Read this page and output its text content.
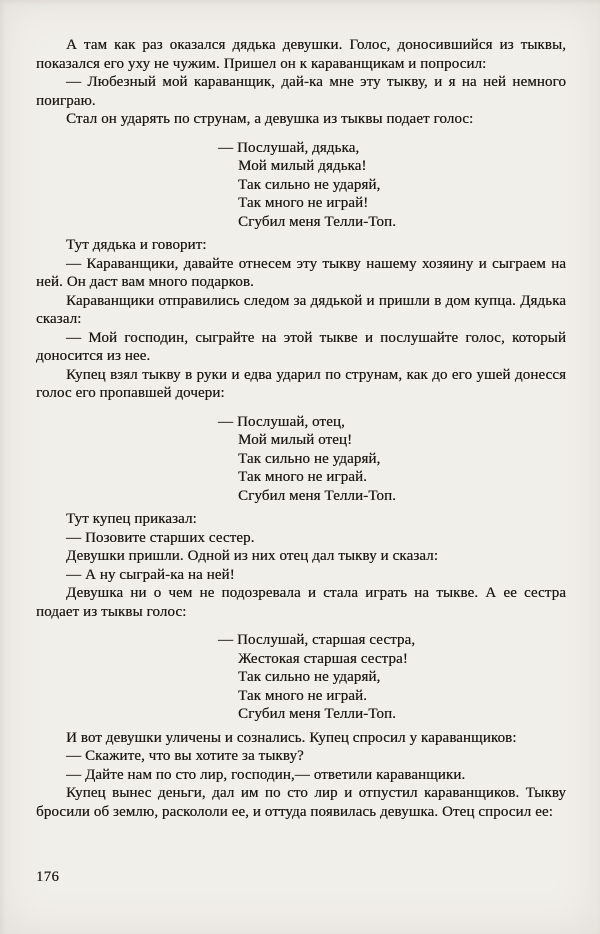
А там как раз оказался дядька девушки. Голос, доносившийся из тыквы, показался его уху не чужим. Пришел он к караванщикам и попросил:

— Любезный мой караванщик, дай-ка мне эту тыкву, и я на ней немного поиграю.

Стал он ударять по струнам, а девушка из тыквы подает голос:

— Послушай, дядька,
Мой милый дядька!
Так сильно не ударяй,
Так много не играй!
Сгубил меня Телли-Топ.

Тут дядька и говорит:

— Караванщики, давайте отнесем эту тыкву нашему хозяину и сыграем на ней. Он даст вам много подарков.

Караванщики отправились следом за дядькой и пришли в дом купца. Дядька сказал:

— Мой господин, сыграйте на этой тыкве и послушайте голос, который доносится из нее.

Купец взял тыкву в руки и едва ударил по струнам, как до его ушей донесся голос его пропавшей дочери:

— Послушай, отец,
Мой милый отец!
Так сильно не ударяй,
Так много не играй.
Сгубил меня Телли-Топ.

Тут купец приказал:

— Позовите старших сестер.

Девушки пришли. Одной из них отец дал тыкву и сказал:

— А ну сыграй-ка на ней!

Девушка ни о чем не подозревала и стала играть на тыкве. А ее сестра подает из тыквы голос:

— Послушай, старшая сестра,
Жестокая старшая сестра!
Так сильно не ударяй,
Так много не играй.
Сгубил меня Телли-Топ.

И вот девушки уличены и сознались. Купец спросил у караванщиков:

— Скажите, что вы хотите за тыкву?

— Дайте нам по сто лир, господин,— ответили караванщики.

Купец вынес деньги, дал им по сто лир и отпустил караванщиков. Тыкву бросили об землю, раскололи ее, и оттуда появилась девушка. Отец спросил ее:

176
